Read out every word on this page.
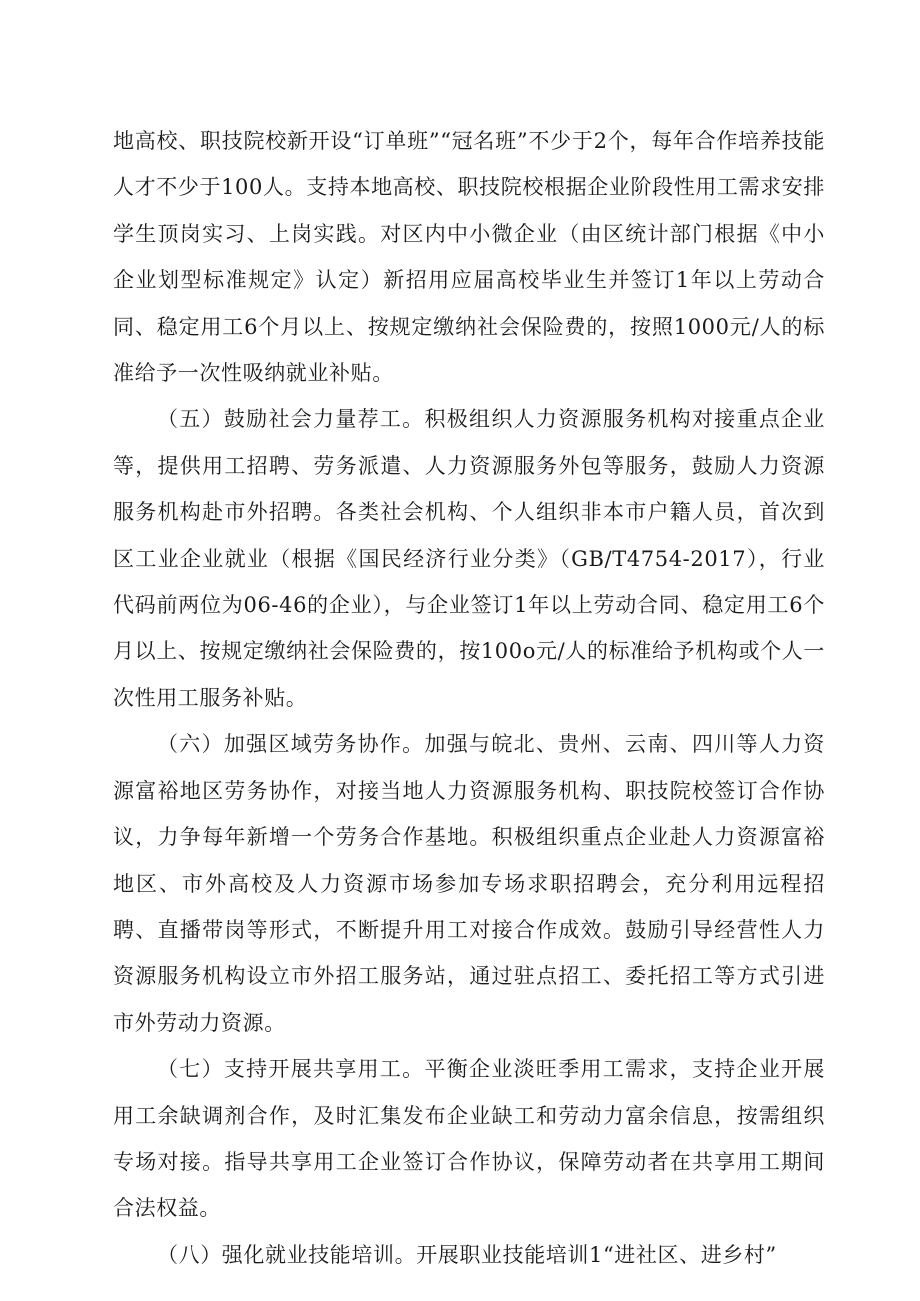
地高校、职技院校新开设“订单班”“冠名班”不少于2个，每年合作培养技能人才不少于100人。支持本地高校、职技院校根据企业阶段性用工需求安排学生顶岗实习、上岗实践。对区内中小微企业（由区统计部门根据《中小企业划型标准规定》认定）新招用应届高校毕业生并签订1年以上劳动合同、稳定用工6个月以上、按规定缴纳社会保险费的，按照1000元/人的标准给予一次性吸纳就业补贴。

（五）鼓励社会力量荐工。积极组织人力资源服务机构对接重点企业等，提供用工招聘、劳务派遣、人力资源服务外包等服务，鼓励人力资源服务机构赴市外招聘。各类社会机构、个人组织非本市户籍人员，首次到区工业企业就业（根据《国民经济行业分类》（GB∕T4754-2017），行业代码前两位为06-46的企业），与企业签订1年以上劳动合同、稳定用工6个月以上、按规定缴纳社会保险费的，按100o元/人的标准给予机构或个人一次性用工服务补贴。

（六）加强区域劳务协作。加强与皖北、贵州、云南、四川等人力资源富裕地区劳务协作，对接当地人力资源服务机构、职技院校签订合作协议，力争每年新增一个劳务合作基地。积极组织重点企业赴人力资源富裕地区、市外高校及人力资源市场参加专场求职招聘会，充分利用远程招聘、直播带岗等形式，不断提升用工对接合作成效。鼓励引导经营性人力资源服务机构设立市外招工服务站，通过驻点招工、委托招工等方式引进市外劳动力资源。

（七）支持开展共享用工。平衡企业淡旺季用工需求，支持企业开展用工余缺调剂合作，及时汇集发布企业缺工和劳动力富余信息，按需组织专场对接。指导共享用工企业签订合作协议，保障劳动者在共享用工期间合法权益。

（八）强化就业技能培训。开展职业技能培训1“进社区、进乡村”
